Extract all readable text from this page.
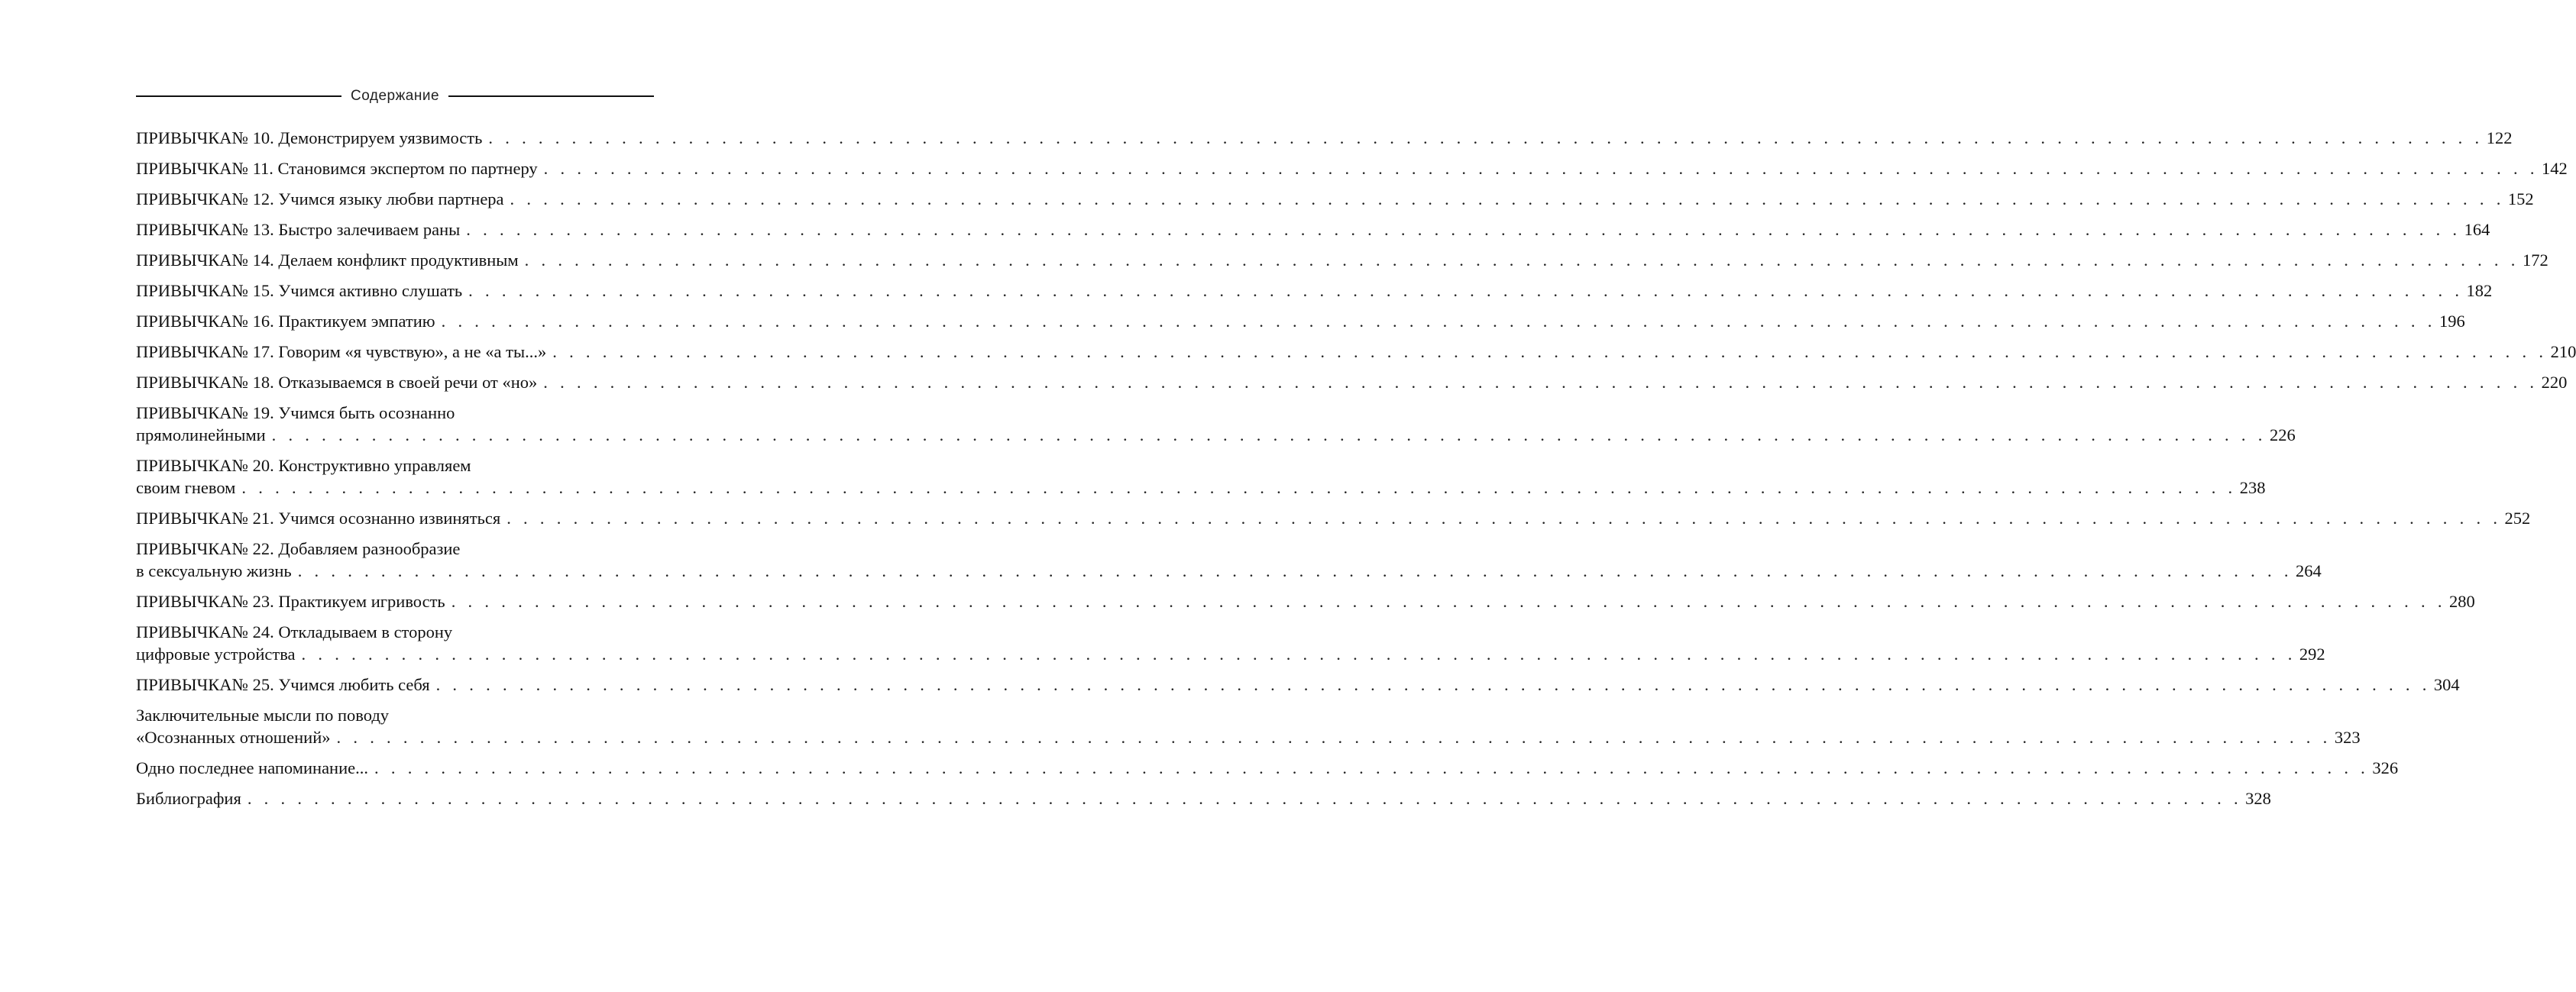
Содержание
ПРИВЫЧКА№ 10. Демонстрируем уязвимость . . . . . . . . . . . . . . . . . . . . . . . . . . . . . . . . . . . . . . . . . . . . . . . . . . . . . . . . . . . . . . . . . . . . . . . . . . . . . . . . . . . . . . . . . . . . . . . . . . . . . . . . . . . . . . . . . . . . . . . . 122
ПРИВЫЧКА№ 11. Становимся экспертом по партнеру . . . . . . . . . . . . . . . . . . . . . . . . . . . . . . . . . . . . . . . . . . . . . . . . . . . . . . . . . . . . . . . . . . . . . . . . . . . . . . . . . . . . . . . . . . . . . . . . . . . . . . . . . . . . . . . . . . . . . . . . 142
ПРИВЫЧКА№ 12. Учимся языку любви партнера . . . . . . . . . . . . . . . . . . . . . . . . . . . . . . . . . . . . . . . . . . . . . . . . . . . . . . . . . . . . . . . . . . . . . . . . . . . . . . . . . . . . . . . . . . . . . . . . . . . . . . . . . . . . . . . . . . . . . . . . 152
ПРИВЫЧКА№ 13. Быстро залечиваем раны . . . . . . . . . . . . . . . . . . . . . . . . . . . . . . . . . . . . . . . . . . . . . . . . . . . . . . . . . . . . . . . . . . . . . . . . . . . . . . . . . . . . . . . . . . . . . . . . . . . . . . . . . . . . . . . . . . . . . . . . 164
ПРИВЫЧКА№ 14. Делаем конфликт продуктивным . . . . . . . . . . . . . . . . . . . . . . . . . . . . . . . . . . . . . . . . . . . . . . . . . . . . . . . . . . . . . . . . . . . . . . . . . . . . . . . . . . . . . . . . . . . . . . . . . . . . . . . . . . . . . . . . . . . . . . . . 172
ПРИВЫЧКА№ 15. Учимся активно слушать . . . . . . . . . . . . . . . . . . . . . . . . . . . . . . . . . . . . . . . . . . . . . . . . . . . . . . . . . . . . . . . . . . . . . . . . . . . . . . . . . . . . . . . . . . . . . . . . . . . . . . . . . . . . . . . . . . . . . . . . 182
ПРИВЫЧКА№ 16. Практикуем эмпатию . . . . . . . . . . . . . . . . . . . . . . . . . . . . . . . . . . . . . . . . . . . . . . . . . . . . . . . . . . . . . . . . . . . . . . . . . . . . . . . . . . . . . . . . . . . . . . . . . . . . . . . . . . . . . . . . . . . . . . . . 196
ПРИВЫЧКА№ 17. Говорим «я чувствую», а не «а ты...» . . . . . . . . . . . . . . . . . . . . . . . . . . . . . . . . . . . . . . . . . . . . . . . . . . . . . . . . . . . . . . . . . . . . . . . . . . . . . . . . . . . . . . . . . . . . . . . . . . . . . . . . . . . . . . . . . . . . . . . . 210
ПРИВЫЧКА№ 18. Отказываемся в своей речи от «но» . . . . . . . . . . . . . . . . . . . . . . . . . . . . . . . . . . . . . . . . . . . . . . . . . . . . . . . . . . . . . . . . . . . . . . . . . . . . . . . . . . . . . . . . . . . . . . . . . . . . . . . . . . . . . . . . . . . . . . . . 220
ПРИВЫЧКА№ 19. Учимся быть осознанно
прямолинейными . . . . . . . . . . . . . . . . . . . . . . . . . . . . . . . . . . . . . . . . . . . . . . . . . . . . . . . . . . . . . . . . . . . . . . . . . . . . . . . . . . . . . . . . . . . . . . . . . . . . . . . . . . . . . . . . . . . . . . . . 226
ПРИВЫЧКА№ 20. Конструктивно управляем
своим гневом . . . . . . . . . . . . . . . . . . . . . . . . . . . . . . . . . . . . . . . . . . . . . . . . . . . . . . . . . . . . . . . . . . . . . . . . . . . . . . . . . . . . . . . . . . . . . . . . . . . . . . . . . . . . . . . . . . . . . . . . 238
ПРИВЫЧКА№ 21. Учимся осознанно извиняться . . . . . . . . . . . . . . . . . . . . . . . . . . . . . . . . . . . . . . . . . . . . . . . . . . . . . . . . . . . . . . . . . . . . . . . . . . . . . . . . . . . . . . . . . . . . . . . . . . . . . . . . . . . . . . . . . . . . . . . . 252
ПРИВЫЧКА№ 22. Добавляем разнообразие
в сексуальную жизнь . . . . . . . . . . . . . . . . . . . . . . . . . . . . . . . . . . . . . . . . . . . . . . . . . . . . . . . . . . . . . . . . . . . . . . . . . . . . . . . . . . . . . . . . . . . . . . . . . . . . . . . . . . . . . . . . . . . . . . . . 264
ПРИВЫЧКА№ 23. Практикуем игривость . . . . . . . . . . . . . . . . . . . . . . . . . . . . . . . . . . . . . . . . . . . . . . . . . . . . . . . . . . . . . . . . . . . . . . . . . . . . . . . . . . . . . . . . . . . . . . . . . . . . . . . . . . . . . . . . . . . . . . . . 280
ПРИВЫЧКА№ 24. Откладываем в сторону
цифровые устройства . . . . . . . . . . . . . . . . . . . . . . . . . . . . . . . . . . . . . . . . . . . . . . . . . . . . . . . . . . . . . . . . . . . . . . . . . . . . . . . . . . . . . . . . . . . . . . . . . . . . . . . . . . . . . . . . . . . . . . . . 292
ПРИВЫЧКА№ 25. Учимся любить себя . . . . . . . . . . . . . . . . . . . . . . . . . . . . . . . . . . . . . . . . . . . . . . . . . . . . . . . . . . . . . . . . . . . . . . . . . . . . . . . . . . . . . . . . . . . . . . . . . . . . . . . . . . . . . . . . . . . . . . . . 304
Заключительные мысли по поводу
«Осознанных отношений» . . . . . . . . . . . . . . . . . . . . . . . . . . . . . . . . . . . . . . . . . . . . . . . . . . . . . . . . . . . . . . . . . . . . . . . . . . . . . . . . . . . . . . . . . . . . . . . . . . . . . . . . . . . . . . . . . . . . . . . . 323
Одно последнее напоминание... . . . . . . . . . . . . . . . . . . . . . . . . . . . . . . . . . . . . . . . . . . . . . . . . . . . . . . . . . . . . . . . . . . . . . . . . . . . . . . . . . . . . . . . . . . . . . . . . . . . . . . . . . . . . . . . . . . . . . . . . 326
Библиография . . . . . . . . . . . . . . . . . . . . . . . . . . . . . . . . . . . . . . . . . . . . . . . . . . . . . . . . . . . . . . . . . . . . . . . . . . . . . . . . . . . . . . . . . . . . . . . . . . . . . . . . . . . . . . . . . . . . . . . . 328
